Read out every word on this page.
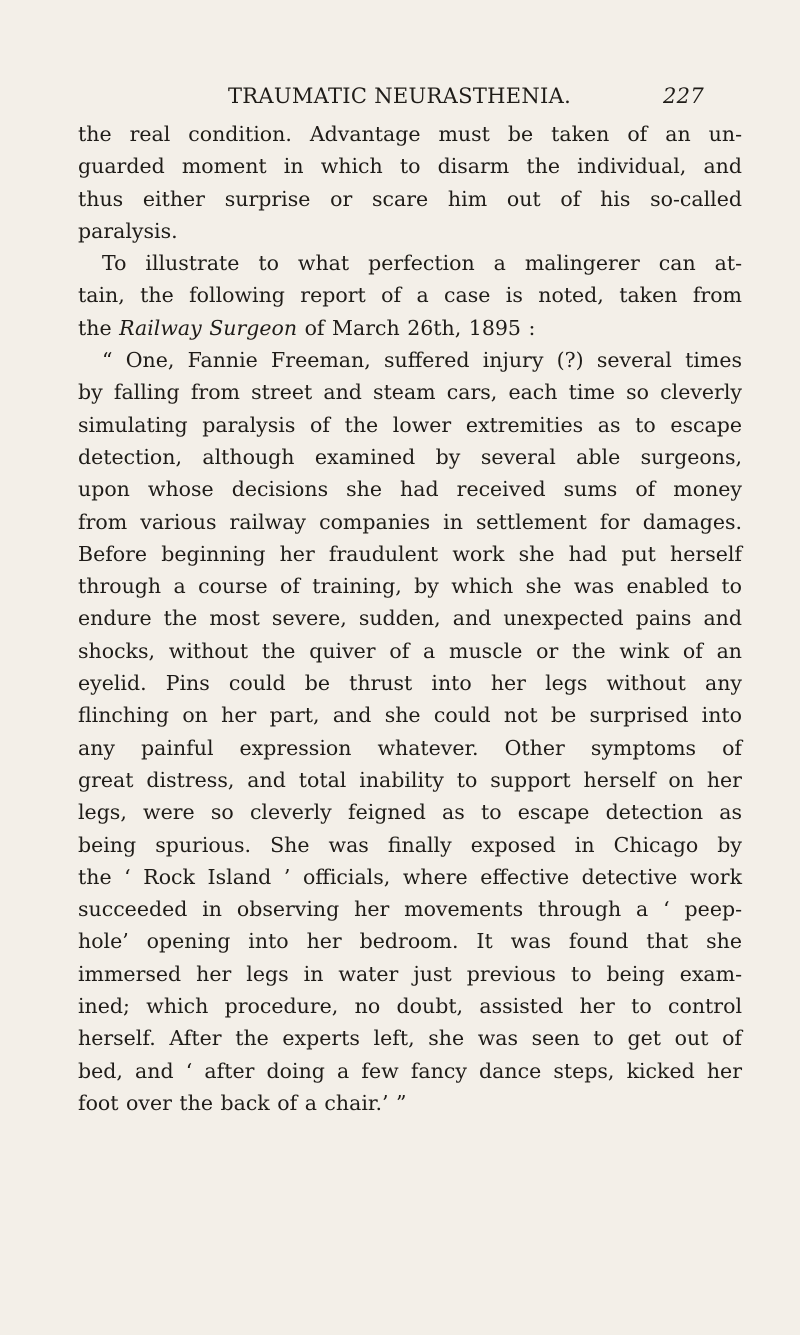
TRAUMATIC NEURASTHENIA.	227
the real condition. Advantage must be taken of an un-
guarded moment in which to disarm the individual, and
thus either surprise or scare him out of his so-called
paralysis.
To illustrate to what perfection a malingerer can at-
tain, the following report of a case is noted, taken from
the Railway Surgeon of March 26th, 1895 :
“ One, Fannie Freeman, suffered injury (?) several times
by falling from street and steam cars, each time so cleverly
simulating paralysis of the lower extremities as to escape
detection, although examined by several able surgeons,
upon whose decisions she had received sums of money
from various railway companies in settlement for damages.
Before beginning her fraudulent work she had put herself
through a course of training, by which she was enabled to
endure the most severe, sudden, and unexpected pains and
shocks, without the quiver of a muscle or the wink of an
eyelid. Pins could be thrust into her legs without any
flinching on her part, and she could not be surprised into
any painful expression whatever. Other symptoms of
great distress, and total inability to support herself on her
legs, were so cleverly feigned as to escape detection as
being spurious. She was finally exposed in Chicago by
the ‘ Rock Island ’ officials, where effective detective work
succeeded in observing her movements through a ‘ peep-
hole’ opening into her bedroom. It was found that she
immersed her legs in water just previous to being exam-
ined; which procedure, no doubt, assisted her to control
herself. After the experts left, she was seen to get out of
bed, and ‘ after doing a few fancy dance steps, kicked her
foot over the back of a chair.’ ”
